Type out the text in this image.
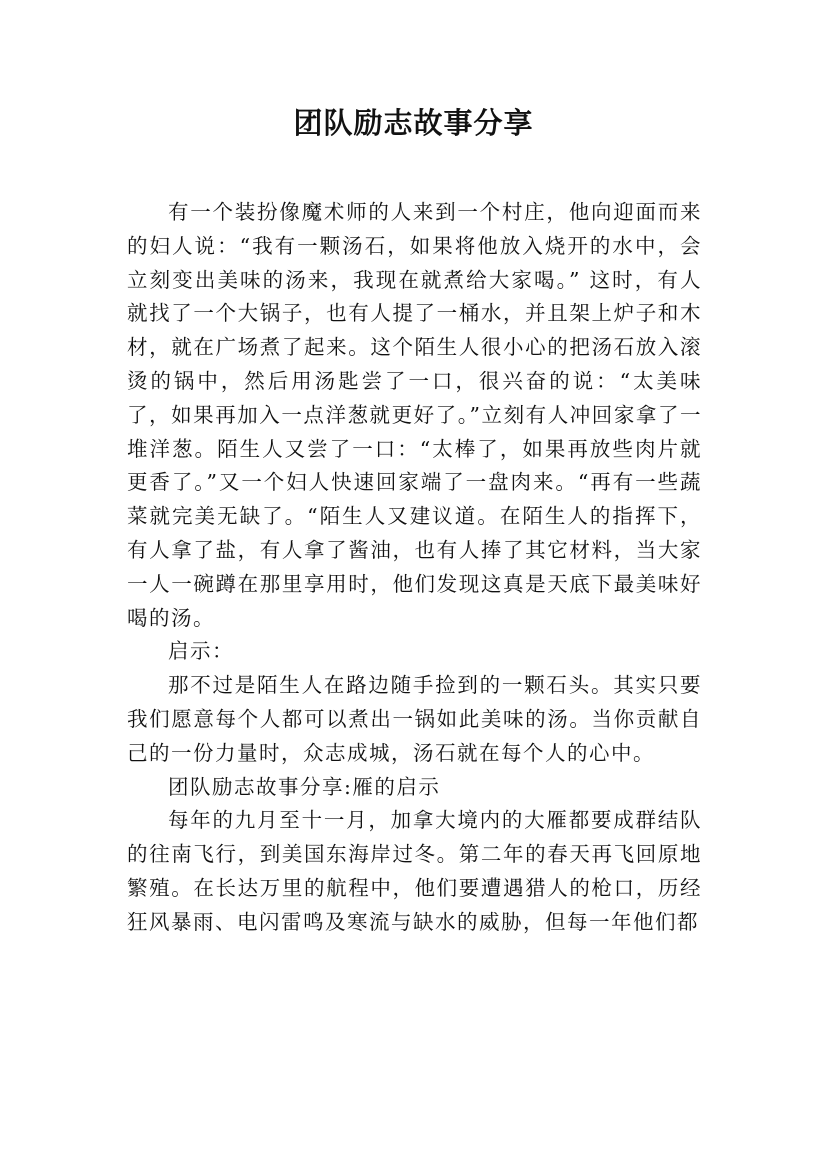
团队励志故事分享

有一个装扮像魔术师的人来到一个村庄，他向迎面而来的妇人说：“我有一颗汤石，如果将他放入烧开的水中，会立刻变出美味的汤来，我现在就煮给大家喝。” 这时，有人就找了一个大锅子，也有人提了一桶水，并且架上炉子和木材，就在广场煮了起来。这个陌生人很小心的把汤石放入滚烫的锅中，然后用汤匙尝了一口，很兴奋的说：“太美味了，如果再加入一点洋葱就更好了。”立刻有人冲回家拿了一堆洋葱。陌生人又尝了一口：“太棒了，如果再放些肉片就更香了。”又一个妇人快速回家端了一盘肉来。“再有一些蔬菜就完美无缺了。“陌生人又建议道。在陌生人的指挥下，有人拿了盐，有人拿了酱油，也有人捧了其它材料，当大家一人一碗蹲在那里享用时，他们发现这真是天底下最美味好喝的汤。

启示：

那不过是陌生人在路边随手捡到的一颗石头。其实只要我们愿意每个人都可以煮出一锅如此美味的汤。当你贡献自己的一份力量时，众志成城，汤石就在每个人的心中。

团队励志故事分享:雁的启示

每年的九月至十一月，加拿大境内的大雁都要成群结队的往南飞行，到美国东海岸过冬。第二年的春天再飞回原地繁殖。在长达万里的航程中，他们要遭遇猎人的枪口，历经狂风暴雨、电闪雷鸣及寒流与缺水的威胁，但每一年他们都
